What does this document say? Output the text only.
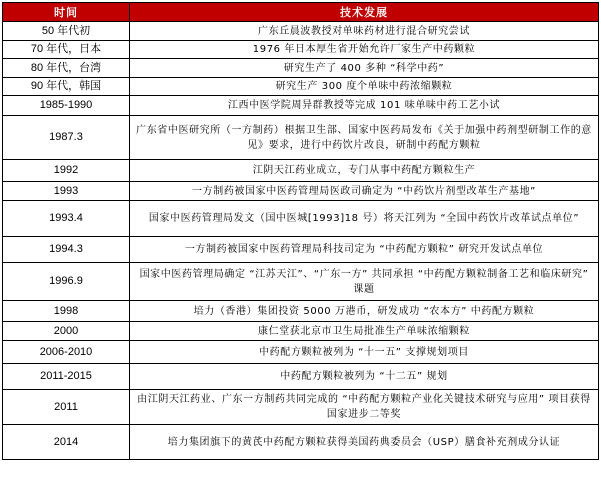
时间	技术发展
50 年代初	广东丘晨波教授对单味药材进行混合研究尝试
70 年代，日本	1976 年日本厚生省开始允许厂家生产中药颗粒
80 年代，台湾	研究生产了 400 多种 “科学中药”
90 年代，韩国	研究生产 300 度个单味中药浓缩颗粒
1985-1990	江西中医学院周异群教授等完成 101 味单味中药工艺小试
1987.3	广东省中医研究所（一方制药）根据卫生部、国家中医药局发布《关于加强中药剂型研制工作的意见》要求，进行中药饮片改良，研制中药配方颗粒
1992	江阴天江药业成立，专门从事中药配方颗粒生产
1993	一方制药被国家中医药管理局医政司确定为 “中药饮片剂型改革生产基地”
1993.4	国家中医药管理局发文（国中医城[1993]18 号）将天江列为 “全国中药饮片改革试点单位”
1994.3	一方制药被国家中医药管理局科技司定为 “中药配方颗粒” 研究开发试点单位
1996.9	国家中医药管理局确定 “江苏天江”、“广东一方” 共同承担 “中药配方颗粒制备工艺和临床研究” 课题
1998	培力（香港）集团投资 5000 万港币，研发成功 “农本方” 中药配方颗粒
2000	康仁堂获北京市卫生局批准生产单味浓缩颗粒
2006-2010	中药配方颗粒被列为 “十一五” 支撑规划项目
2011-2015	中药配方颗粒被列为 “十二五” 规划
2011	由江阴天江药业、广东一方制药共同完成的 “中药配方颗粒产业化关键技术研究与应用” 项目获得国家进步二等奖
2014	培力集团旗下的黄芪中药配方颗粒获得美国药典委员会（USP）膳食补充剂成分认证
